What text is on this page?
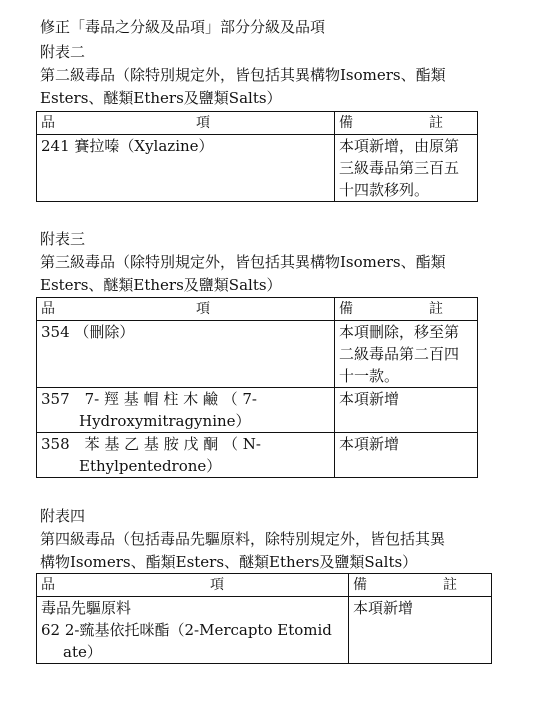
修正「毒品之分級及品項」部分分級及品項
附表二
第二級毒品（除特別規定外，皆包括其異構物Isomers、酯類
Esters、醚類Ethers及鹽類Salts）
品 項	備 註

241 賽拉嗪（Xylazine）	本項新增，由原第三級毒品第三百五十四款移列。
附表三
第三級毒品（除特別規定外，皆包括其異構物Isomers、酯類
Esters、醚類Ethers及鹽類Salts）
品 項	備 註

354 （刪除）	本項刪除，移至第二級毒品第二百四十一款。

357　7- 羥 基 帽 柱 木 鹼 （ 7-
Hydroxymitragynine）	本項新增

358　苯 基 乙 基 胺 戊 酮 （ N-
Ethylpentedrone）	本項新增
附表四
第四級毒品（包括毒品先驅原料，除特別規定外，皆包括其異
構物Isomers、酯類Esters、醚類Ethers及鹽類Salts）
品 項	備 註

毒品先驅原料
62 2-巰基依托咪酯（2-Mercapto Etomid
ate）	本項新增
